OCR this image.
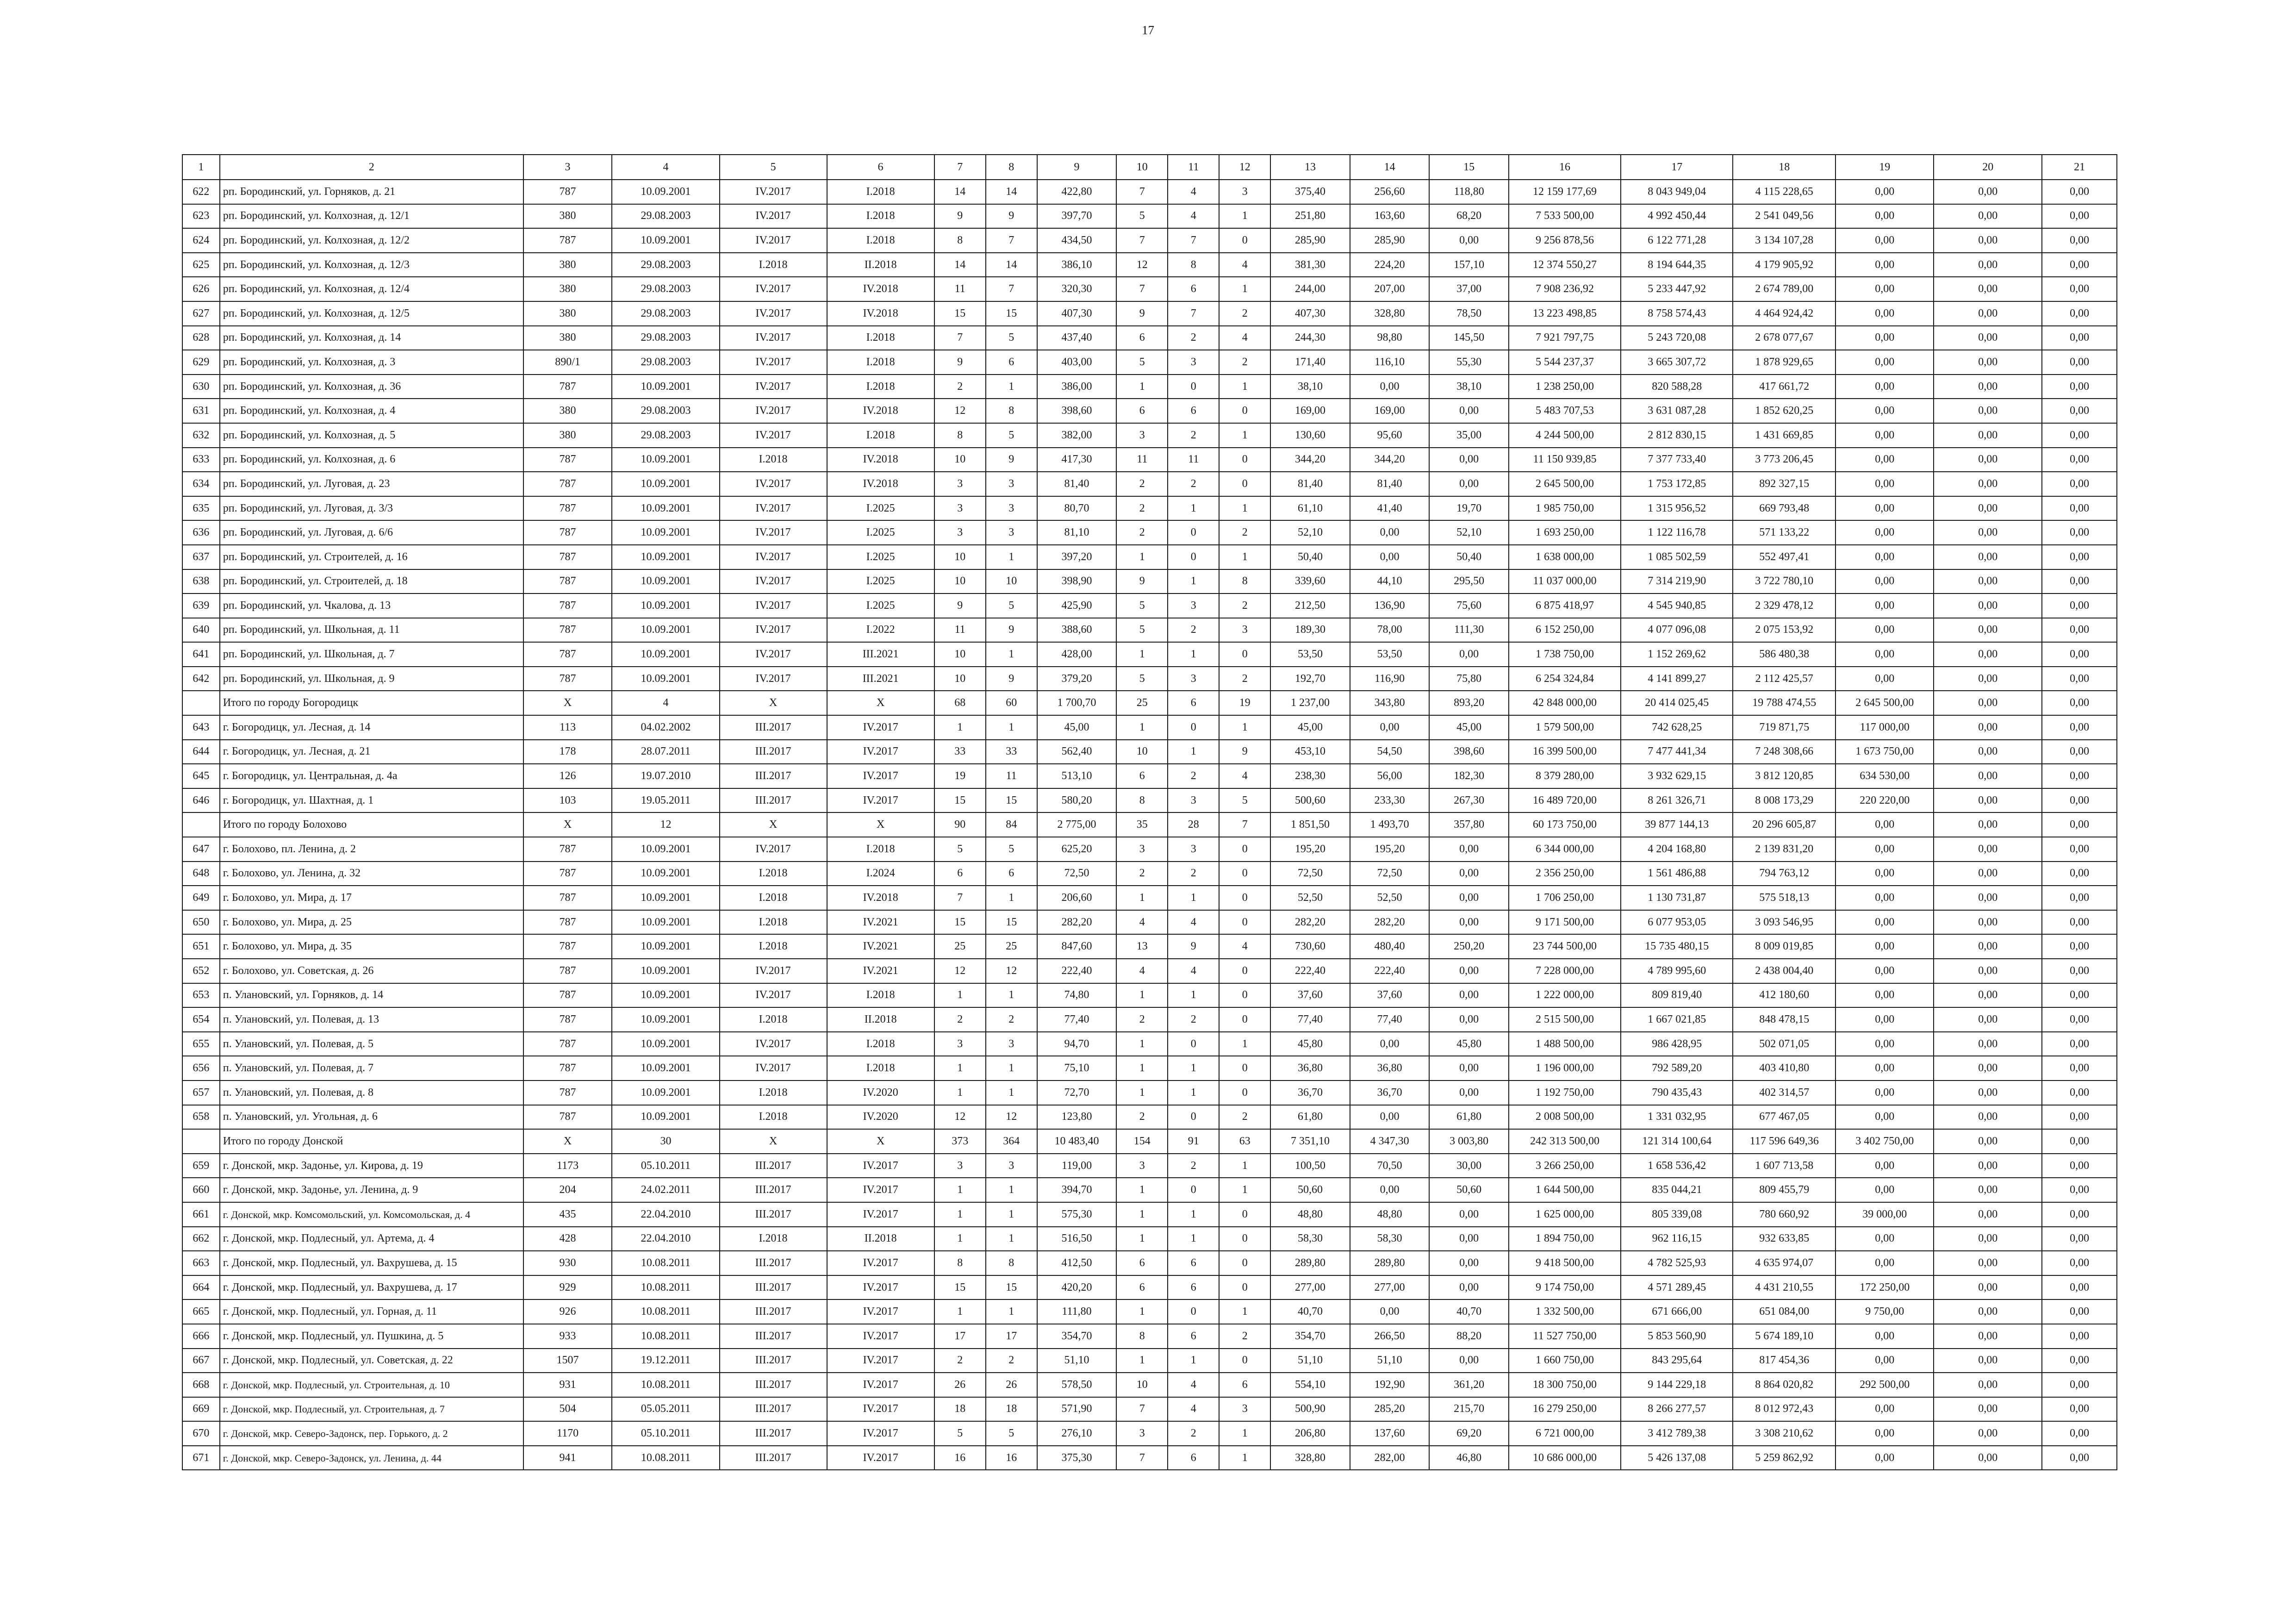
17
1	2	3	4	5	6	7	8	9	10	11	12	13	14	15	16	17	18	19	20	21
622	рп. Бородинский, ул. Горняков, д. 21	787	10.09.2001	IV.2017	I.2018	14	14	422,80	7	4	3	375,40	256,60	118,80	12 159 177,69	8 043 949,04	4 115 228,65	0,00	0,00	0,00
623	рп. Бородинский, ул. Колхозная, д. 12/1	380	29.08.2003	IV.2017	I.2018	9	9	397,70	5	4	1	251,80	163,60	68,20	7 533 500,00	4 992 450,44	2 541 049,56	0,00	0,00	0,00
624	рп. Бородинский, ул. Колхозная, д. 12/2	787	10.09.2001	IV.2017	I.2018	8	7	434,50	7	7	0	285,90	285,90	0,00	9 256 878,56	6 122 771,28	3 134 107,28	0,00	0,00	0,00
625	рп. Бородинский, ул. Колхозная, д. 12/3	380	29.08.2003	I.2018	II.2018	14	14	386,10	12	8	4	381,30	224,20	157,10	12 374 550,27	8 194 644,35	4 179 905,92	0,00	0,00	0,00
626	рп. Бородинский, ул. Колхозная, д. 12/4	380	29.08.2003	IV.2017	IV.2018	11	7	320,30	7	6	1	244,00	207,00	37,00	7 908 236,92	5 233 447,92	2 674 789,00	0,00	0,00	0,00
627	рп. Бородинский, ул. Колхозная, д. 12/5	380	29.08.2003	IV.2017	IV.2018	15	15	407,30	9	7	2	407,30	328,80	78,50	13 223 498,85	8 758 574,43	4 464 924,42	0,00	0,00	0,00
628	рп. Бородинский, ул. Колхозная, д. 14	380	29.08.2003	IV.2017	I.2018	7	5	437,40	6	2	4	244,30	98,80	145,50	7 921 797,75	5 243 720,08	2 678 077,67	0,00	0,00	0,00
629	рп. Бородинский, ул. Колхозная, д. 3	890/1	29.08.2003	IV.2017	I.2018	9	6	403,00	5	3	2	171,40	116,10	55,30	5 544 237,37	3 665 307,72	1 878 929,65	0,00	0,00	0,00
630	рп. Бородинский, ул. Колхозная, д. 36	787	10.09.2001	IV.2017	I.2018	2	1	386,00	1	0	1	38,10	0,00	38,10	1 238 250,00	820 588,28	417 661,72	0,00	0,00	0,00
631	рп. Бородинский, ул. Колхозная, д. 4	380	29.08.2003	IV.2017	IV.2018	12	8	398,60	6	6	0	169,00	169,00	0,00	5 483 707,53	3 631 087,28	1 852 620,25	0,00	0,00	0,00
632	рп. Бородинский, ул. Колхозная, д. 5	380	29.08.2003	IV.2017	I.2018	8	5	382,00	3	2	1	130,60	95,60	35,00	4 244 500,00	2 812 830,15	1 431 669,85	0,00	0,00	0,00
633	рп. Бородинский, ул. Колхозная, д. 6	787	10.09.2001	I.2018	IV.2018	10	9	417,30	11	11	0	344,20	344,20	0,00	11 150 939,85	7 377 733,40	3 773 206,45	0,00	0,00	0,00
634	рп. Бородинский, ул. Луговая, д. 23	787	10.09.2001	IV.2017	IV.2018	3	3	81,40	2	2	0	81,40	81,40	0,00	2 645 500,00	1 753 172,85	892 327,15	0,00	0,00	0,00
635	рп. Бородинский, ул. Луговая, д. 3/3	787	10.09.2001	IV.2017	I.2025	3	3	80,70	2	1	1	61,10	41,40	19,70	1 985 750,00	1 315 956,52	669 793,48	0,00	0,00	0,00
636	рп. Бородинский, ул. Луговая, д. 6/6	787	10.09.2001	IV.2017	I.2025	3	3	81,10	2	0	2	52,10	0,00	52,10	1 693 250,00	1 122 116,78	571 133,22	0,00	0,00	0,00
637	рп. Бородинский, ул. Строителей, д. 16	787	10.09.2001	IV.2017	I.2025	10	1	397,20	1	0	1	50,40	0,00	50,40	1 638 000,00	1 085 502,59	552 497,41	0,00	0,00	0,00
638	рп. Бородинский, ул. Строителей, д. 18	787	10.09.2001	IV.2017	I.2025	10	10	398,90	9	1	8	339,60	44,10	295,50	11 037 000,00	7 314 219,90	3 722 780,10	0,00	0,00	0,00
639	рп. Бородинский, ул. Чкалова, д. 13	787	10.09.2001	IV.2017	I.2025	9	5	425,90	5	3	2	212,50	136,90	75,60	6 875 418,97	4 545 940,85	2 329 478,12	0,00	0,00	0,00
640	рп. Бородинский, ул. Школьная, д. 11	787	10.09.2001	IV.2017	I.2022	11	9	388,60	5	2	3	189,30	78,00	111,30	6 152 250,00	4 077 096,08	2 075 153,92	0,00	0,00	0,00
641	рп. Бородинский, ул. Школьная, д. 7	787	10.09.2001	IV.2017	III.2021	10	1	428,00	1	1	0	53,50	53,50	0,00	1 738 750,00	1 152 269,62	586 480,38	0,00	0,00	0,00
642	рп. Бородинский, ул. Школьная, д. 9	787	10.09.2001	IV.2017	III.2021	10	9	379,20	5	3	2	192,70	116,90	75,80	6 254 324,84	4 141 899,27	2 112 425,57	0,00	0,00	0,00
	Итого по городу Богородицк	X	4	X	X	68	60	1 700,70	25	6	19	1 237,00	343,80	893,20	42 848 000,00	20 414 025,45	19 788 474,55	2 645 500,00	0,00	0,00
643	г. Богородицк, ул. Лесная, д. 14	113	04.02.2002	III.2017	IV.2017	1	1	45,00	1	0	1	45,00	0,00	45,00	1 579 500,00	742 628,25	719 871,75	117 000,00	0,00	0,00
644	г. Богородицк, ул. Лесная, д. 21	178	28.07.2011	III.2017	IV.2017	33	33	562,40	10	1	9	453,10	54,50	398,60	16 399 500,00	7 477 441,34	7 248 308,66	1 673 750,00	0,00	0,00
645	г. Богородицк, ул. Центральная, д. 4а	126	19.07.2010	III.2017	IV.2017	19	11	513,10	6	2	4	238,30	56,00	182,30	8 379 280,00	3 932 629,15	3 812 120,85	634 530,00	0,00	0,00
646	г. Богородицк, ул. Шахтная, д. 1	103	19.05.2011	III.2017	IV.2017	15	15	580,20	8	3	5	500,60	233,30	267,30	16 489 720,00	8 261 326,71	8 008 173,29	220 220,00	0,00	0,00
	Итого по городу Болохово	X	12	X	X	90	84	2 775,00	35	28	7	1 851,50	1 493,70	357,80	60 173 750,00	39 877 144,13	20 296 605,87	0,00	0,00	0,00
647	г. Болохово, пл. Ленина, д. 2	787	10.09.2001	IV.2017	I.2018	5	5	625,20	3	3	0	195,20	195,20	0,00	6 344 000,00	4 204 168,80	2 139 831,20	0,00	0,00	0,00
648	г. Болохово, ул. Ленина, д. 32	787	10.09.2001	I.2018	I.2024	6	6	72,50	2	2	0	72,50	72,50	0,00	2 356 250,00	1 561 486,88	794 763,12	0,00	0,00	0,00
649	г. Болохово, ул. Мира, д. 17	787	10.09.2001	I.2018	IV.2018	7	1	206,60	1	1	0	52,50	52,50	0,00	1 706 250,00	1 130 731,87	575 518,13	0,00	0,00	0,00
650	г. Болохово, ул. Мира, д. 25	787	10.09.2001	I.2018	IV.2021	15	15	282,20	4	4	0	282,20	282,20	0,00	9 171 500,00	6 077 953,05	3 093 546,95	0,00	0,00	0,00
651	г. Болохово, ул. Мира, д. 35	787	10.09.2001	I.2018	IV.2021	25	25	847,60	13	9	4	730,60	480,40	250,20	23 744 500,00	15 735 480,15	8 009 019,85	0,00	0,00	0,00
652	г. Болохово, ул. Советская, д. 26	787	10.09.2001	IV.2017	IV.2021	12	12	222,40	4	4	0	222,40	222,40	0,00	7 228 000,00	4 789 995,60	2 438 004,40	0,00	0,00	0,00
653	п. Улановский, ул. Горняков, д. 14	787	10.09.2001	IV.2017	I.2018	1	1	74,80	1	1	0	37,60	37,60	0,00	1 222 000,00	809 819,40	412 180,60	0,00	0,00	0,00
654	п. Улановский, ул. Полевая, д. 13	787	10.09.2001	I.2018	II.2018	2	2	77,40	2	2	0	77,40	77,40	0,00	2 515 500,00	1 667 021,85	848 478,15	0,00	0,00	0,00
655	п. Улановский, ул. Полевая, д. 5	787	10.09.2001	IV.2017	I.2018	3	3	94,70	1	0	1	45,80	0,00	45,80	1 488 500,00	986 428,95	502 071,05	0,00	0,00	0,00
656	п. Улановский, ул. Полевая, д. 7	787	10.09.2001	IV.2017	I.2018	1	1	75,10	1	1	0	36,80	36,80	0,00	1 196 000,00	792 589,20	403 410,80	0,00	0,00	0,00
657	п. Улановский, ул. Полевая, д. 8	787	10.09.2001	I.2018	IV.2020	1	1	72,70	1	1	0	36,70	36,70	0,00	1 192 750,00	790 435,43	402 314,57	0,00	0,00	0,00
658	п. Улановский, ул. Угольная, д. 6	787	10.09.2001	I.2018	IV.2020	12	12	123,80	2	0	2	61,80	0,00	61,80	2 008 500,00	1 331 032,95	677 467,05	0,00	0,00	0,00
	Итого по городу Донской	X	30	X	X	373	364	10 483,40	154	91	63	7 351,10	4 347,30	3 003,80	242 313 500,00	121 314 100,64	117 596 649,36	3 402 750,00	0,00	0,00
659	г. Донской, мкр. Задонье, ул. Кирова, д. 19	1173	05.10.2011	III.2017	IV.2017	3	3	119,00	3	2	1	100,50	70,50	30,00	3 266 250,00	1 658 536,42	1 607 713,58	0,00	0,00	0,00
660	г. Донской, мкр. Задонье, ул. Ленина, д. 9	204	24.02.2011	III.2017	IV.2017	1	1	394,70	1	0	1	50,60	0,00	50,60	1 644 500,00	835 044,21	809 455,79	0,00	0,00	0,00
661	г. Донской, мкр. Комсомольский, ул. Комсомольская, д. 4	435	22.04.2010	III.2017	IV.2017	1	1	575,30	1	1	0	48,80	48,80	0,00	1 625 000,00	805 339,08	780 660,92	39 000,00	0,00	0,00
662	г. Донской, мкр. Подлесный, ул. Артема, д. 4	428	22.04.2010	I.2018	II.2018	1	1	516,50	1	1	0	58,30	58,30	0,00	1 894 750,00	962 116,15	932 633,85	0,00	0,00	0,00
663	г. Донской, мкр. Подлесный, ул. Вахрушева, д. 15	930	10.08.2011	III.2017	IV.2017	8	8	412,50	6	6	0	289,80	289,80	0,00	9 418 500,00	4 782 525,93	4 635 974,07	0,00	0,00	0,00
664	г. Донской, мкр. Подлесный, ул. Вахрушева, д. 17	929	10.08.2011	III.2017	IV.2017	15	15	420,20	6	6	0	277,00	277,00	0,00	9 174 750,00	4 571 289,45	4 431 210,55	172 250,00	0,00	0,00
665	г. Донской, мкр. Подлесный, ул. Горная, д. 11	926	10.08.2011	III.2017	IV.2017	1	1	111,80	1	0	1	40,70	0,00	40,70	1 332 500,00	671 666,00	651 084,00	9 750,00	0,00	0,00
666	г. Донской, мкр. Подлесный, ул. Пушкина, д. 5	933	10.08.2011	III.2017	IV.2017	17	17	354,70	8	6	2	354,70	266,50	88,20	11 527 750,00	5 853 560,90	5 674 189,10	0,00	0,00	0,00
667	г. Донской, мкр. Подлесный, ул. Советская, д. 22	1507	19.12.2011	III.2017	IV.2017	2	2	51,10	1	1	0	51,10	51,10	0,00	1 660 750,00	843 295,64	817 454,36	0,00	0,00	0,00
668	г. Донской, мкр. Подлесный, ул. Строительная, д. 10	931	10.08.2011	III.2017	IV.2017	26	26	578,50	10	4	6	554,10	192,90	361,20	18 300 750,00	9 144 229,18	8 864 020,82	292 500,00	0,00	0,00
669	г. Донской, мкр. Подлесный, ул. Строительная, д. 7	504	05.05.2011	III.2017	IV.2017	18	18	571,90	7	4	3	500,90	285,20	215,70	16 279 250,00	8 266 277,57	8 012 972,43	0,00	0,00	0,00
670	г. Донской, мкр. Северо-Задонск, пер. Горького, д. 2	1170	05.10.2011	III.2017	IV.2017	5	5	276,10	3	2	1	206,80	137,60	69,20	6 721 000,00	3 412 789,38	3 308 210,62	0,00	0,00	0,00
671	г. Донской, мкр. Северо-Задонск, ул. Ленина, д. 44	941	10.08.2011	III.2017	IV.2017	16	16	375,30	7	6	1	328,80	282,00	46,80	10 686 000,00	5 426 137,08	5 259 862,92	0,00	0,00	0,00
